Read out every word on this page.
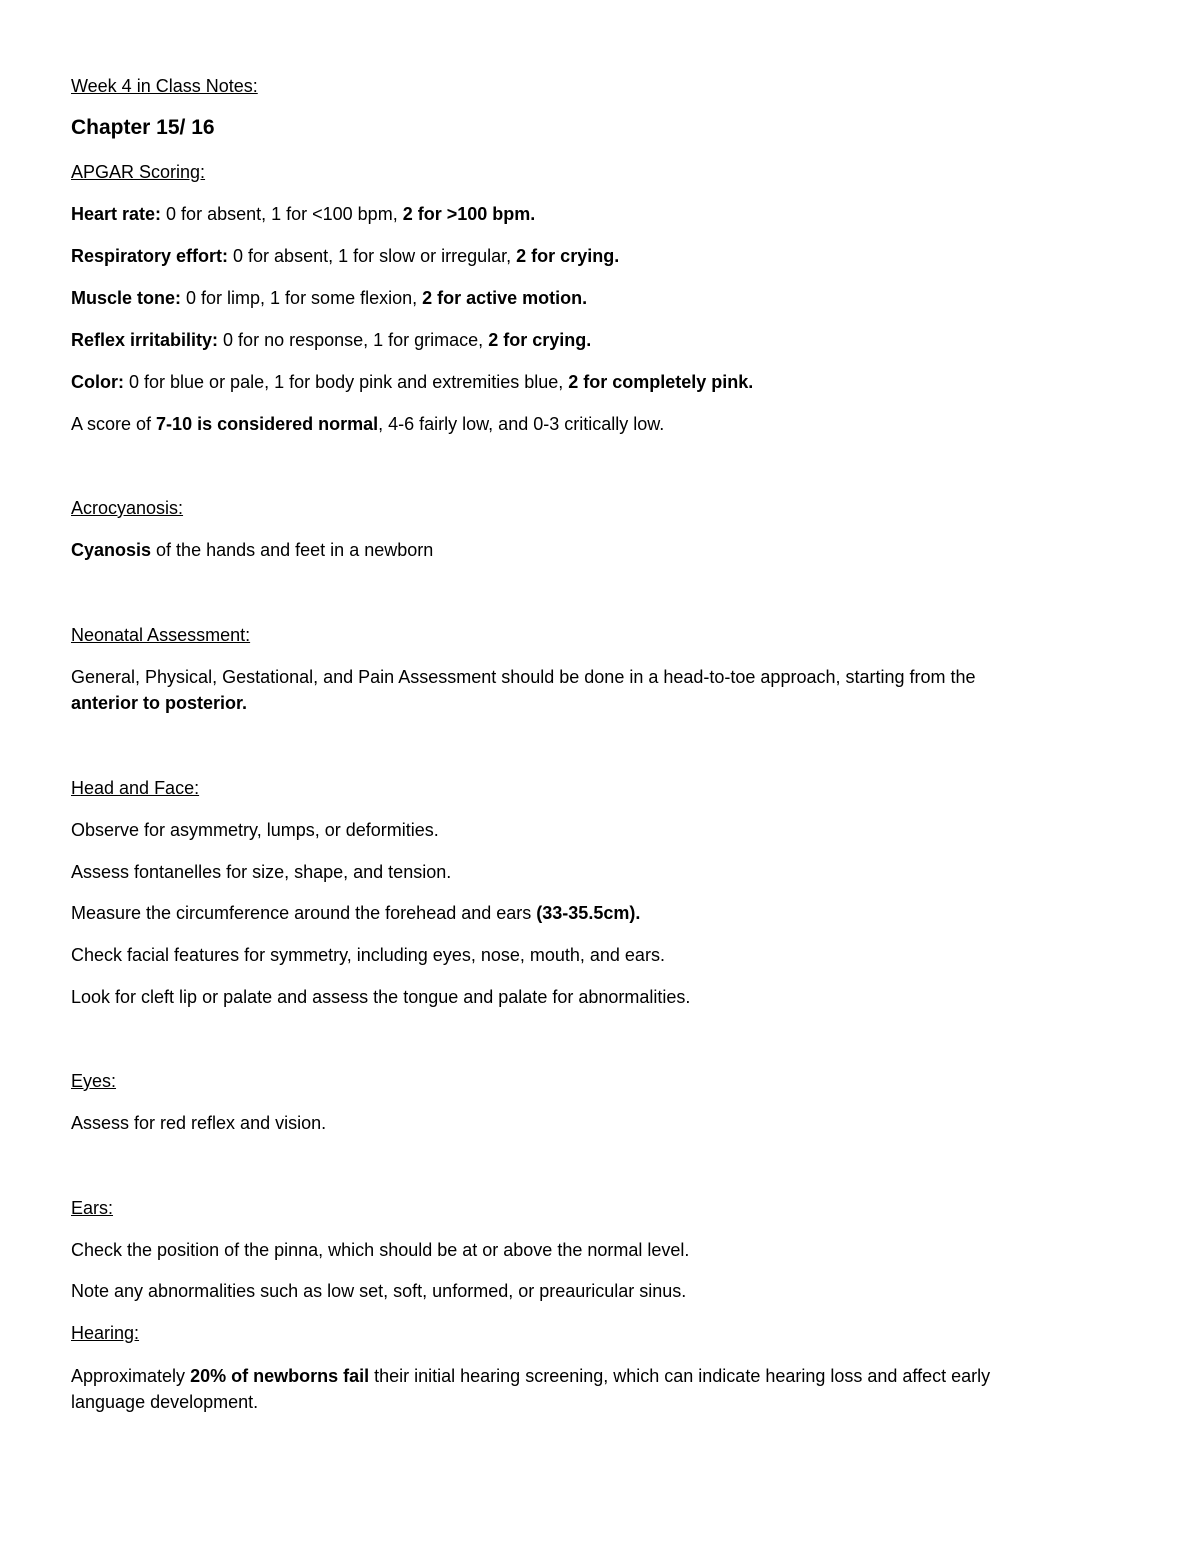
Week 4 in Class Notes:

Chapter 15/ 16

APGAR Scoring:

Heart rate: 0 for absent, 1 for <100 bpm, 2 for >100 bpm.

Respiratory effort: 0 for absent, 1 for slow or irregular, 2 for crying.

Muscle tone: 0 for limp, 1 for some flexion, 2 for active motion.

Reflex irritability: 0 for no response, 1 for grimace, 2 for crying.

Color: 0 for blue or pale, 1 for body pink and extremities blue, 2 for completely pink.

A score of 7-10 is considered normal, 4-6 fairly low, and 0-3 critically low.

Acrocyanosis:

Cyanosis of the hands and feet in a newborn

Neonatal Assessment:

General, Physical, Gestational, and Pain Assessment should be done in a head-to-toe approach, starting from the

anterior to posterior.

Head and Face:

Observe for asymmetry, lumps, or deformities.

Assess fontanelles for size, shape, and tension.

Measure the circumference around the forehead and ears (33-35.5cm).

Check facial features for symmetry, including eyes, nose, mouth, and ears.

Look for cleft lip or palate and assess the tongue and palate for abnormalities.

Eyes:

Assess for red reflex and vision.

Ears:

Check the position of the pinna, which should be at or above the normal level.

Note any abnormalities such as low set, soft, unformed, or preauricular sinus.

Hearing:

Approximately 20% of newborns fail their initial hearing screening, which can indicate hearing loss and affect early

language development.
